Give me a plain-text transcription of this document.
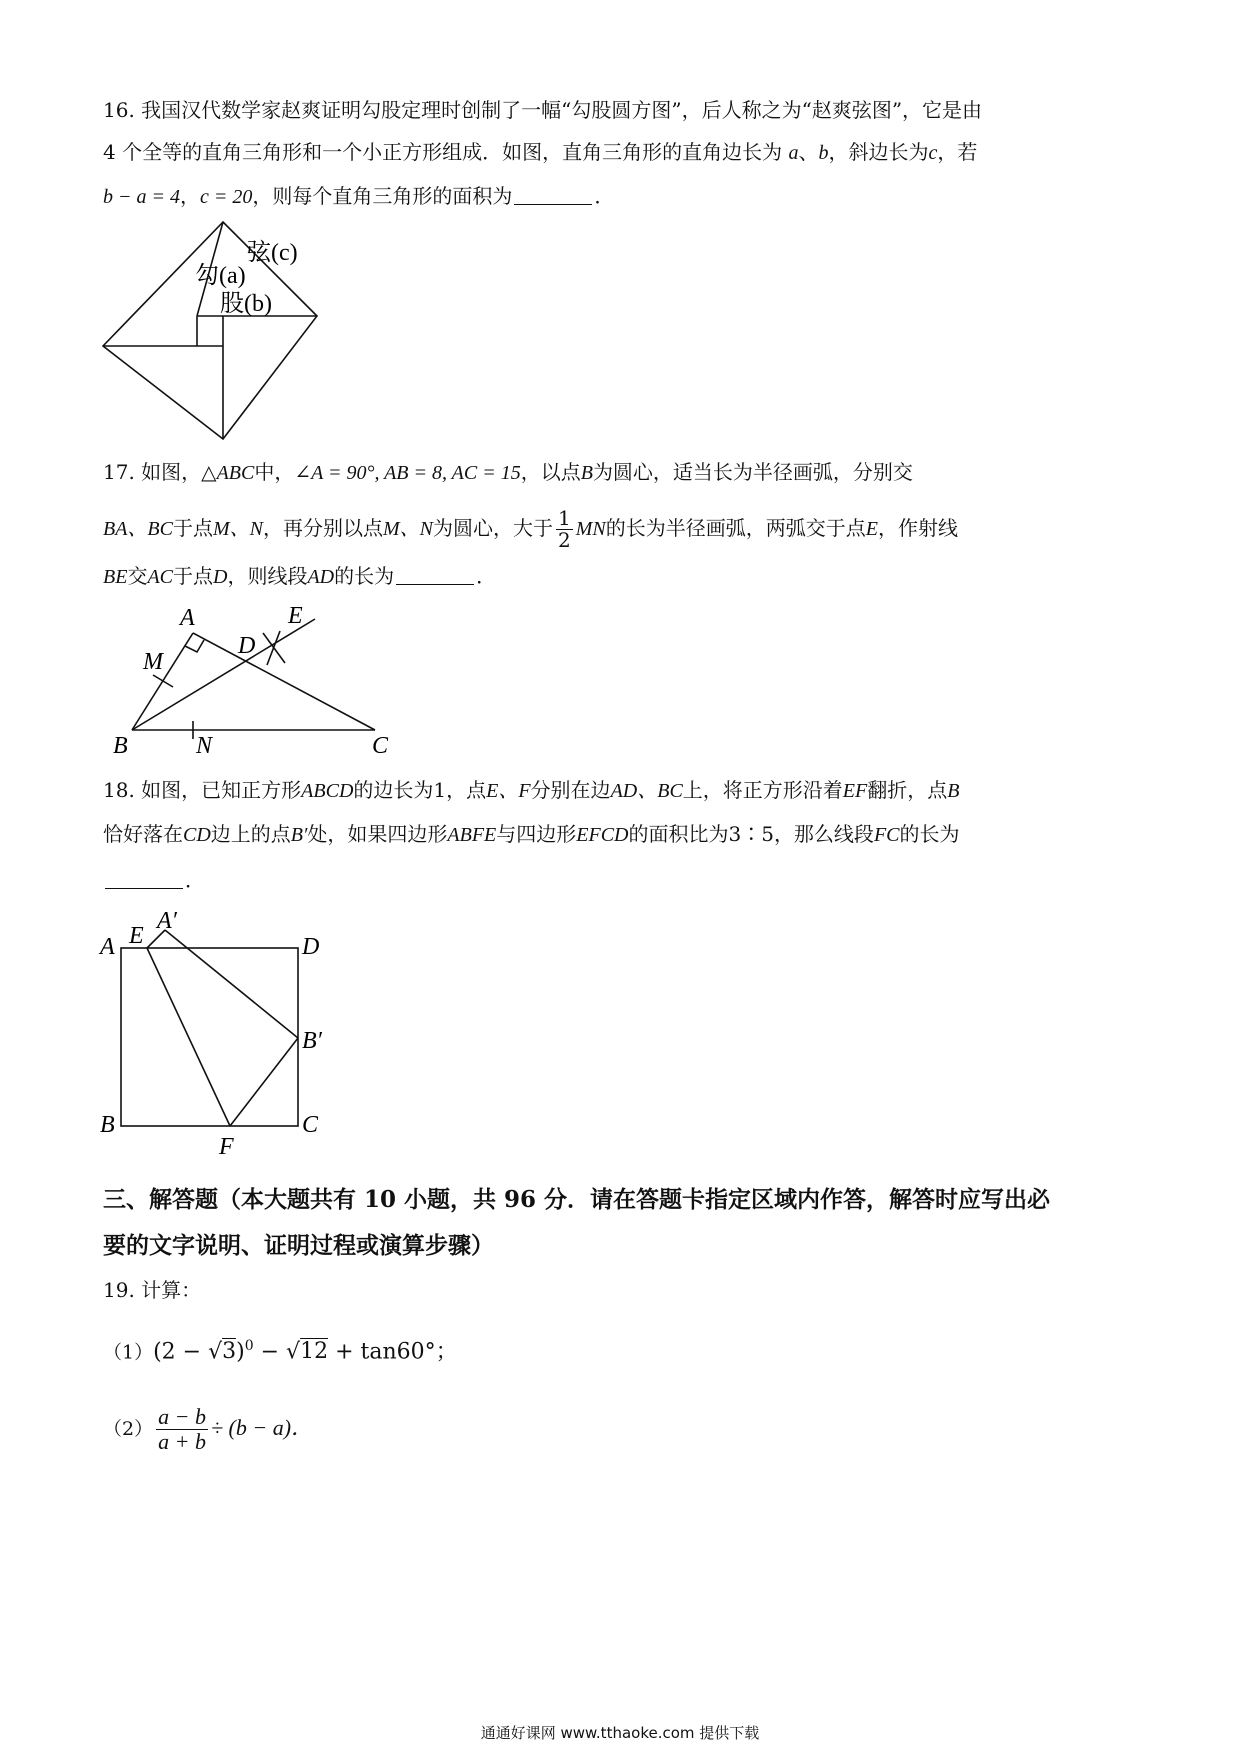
16. 我国汉代数学家赵爽证明勾股定理时创制了一幅“勾股圆方图”，后人称之为“赵爽弦图”，它是由
4 个全等的直角三角形和一个小正方形组成．如图，直角三角形的直角边长为 a、b，斜边长为c，若
b − a = 4，c = 20，则每个直角三角形的面积为	．
弦(c)
勾(a)
股(b)
17. 如图，△ABC中，∠A = 90°, AB = 8, AC = 15，以点B为圆心，适当长为半径画弧，分别交
BA、BC于点M、N，再分别以点M、N为圆心，大于 $\frac{1}{2}$ MN的长为半径画弧，两弧交于点E，作射线
BE交AC于点D，则线段AD的长为	．
A
B	C
D
E
M
N
18. 如图，已知正方形ABCD的边长为1，点E、F分别在边AD、BC上，将正方形沿着EF翻折，点B
恰好落在CD边上的点B′处，如果四边形ABFE与四边形EFCD的面积比为3∶5，那么线段FC的长为
．
A
A′
E	D
B′
B
F
C
三、解答题（本大题共有 10 小题，共 96 分．请在答题卡指定区域内作答，解答时应写出必
要的文字说明、证明过程或演算步骤）
19. 计算：
$(1)(2 - √3)^0 - √12 + \tan 60^\circ$；
$(2) \frac{a - b}{a + b} \div (b - a)$．
通通好课网 www.tthaoke.com 提供下载
